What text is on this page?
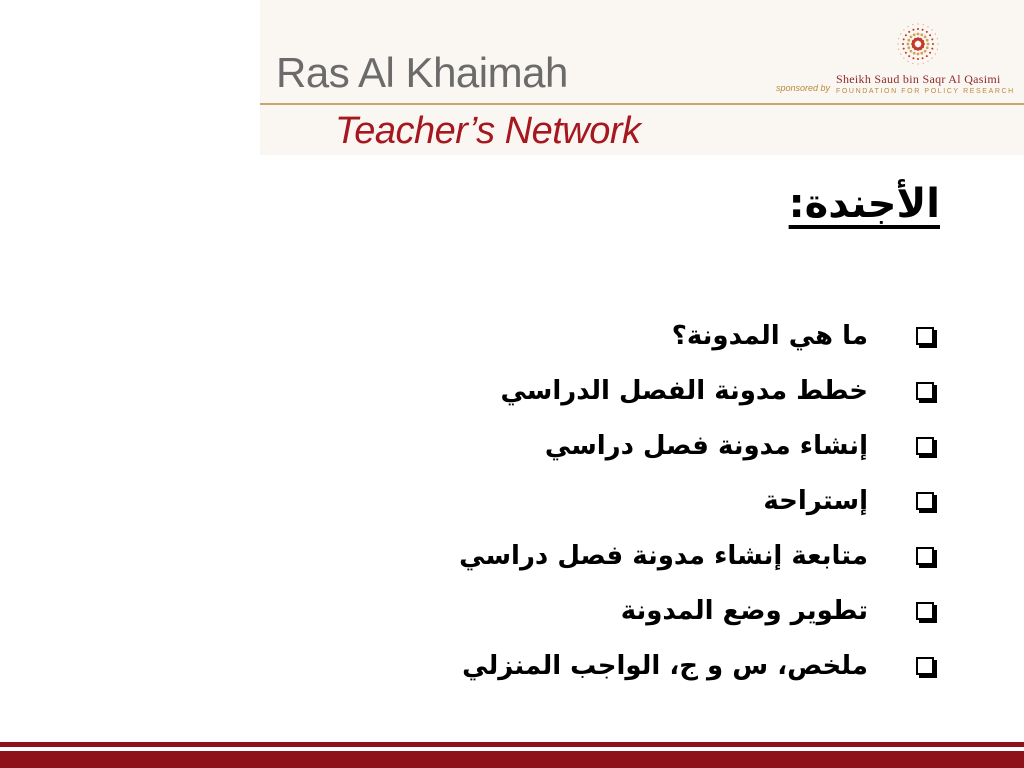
Ras Al Khaimah
Teacher’s Network
sponsored by
Sheikh Saud bin Saqr Al Qasimi
FOUNDATION FOR POLICY RESEARCH
الأجندة:
ما هي المدونة؟
خطط مدونة الفصل الدراسي
إنشاء مدونة فصل دراسي
إستراحة
متابعة إنشاء مدونة فصل دراسي
تطوير وضع المدونة
ملخص، س و ج، الواجب المنزلي
